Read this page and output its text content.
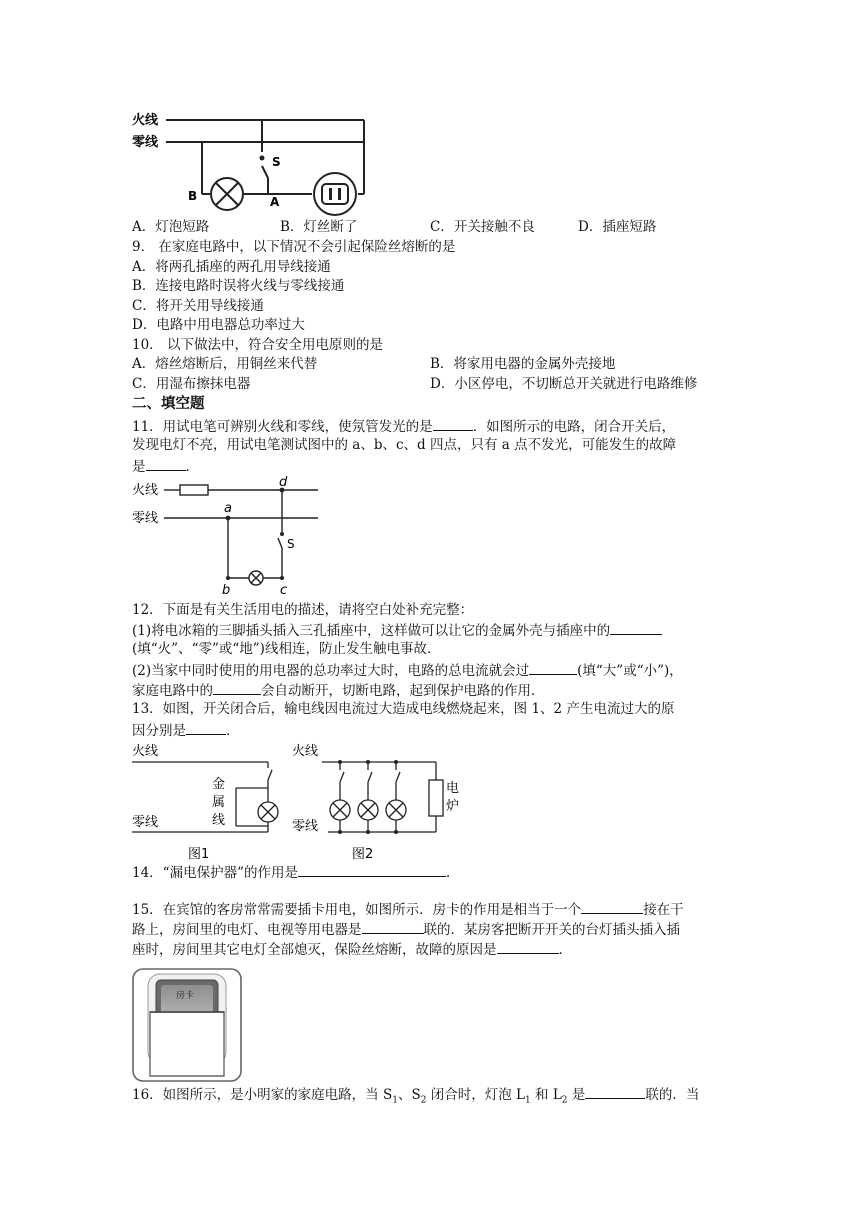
火线
零线
B	A
S
A．灯泡短路	B．灯丝断了	C．开关接触不良	D．插座短路
9． 在家庭电路中，以下情况不会引起保险丝熔断的是
A．将两孔插座的两孔用导线接通
B．连接电路时误将火线与零线接通
C．将开关用导线接通
D．电路中用电器总功率过大
10． 以下做法中，符合安全用电原则的是
A．熔丝熔断后，用铜丝来代替	B．将家用电器的金属外壳接地
C．用湿布擦抹电器	D．小区停电，不切断总开关就进行电路维修
二、填空题
11．用试电笔可辨别火线和零线，使氖管发光的是	．如图所示的电路，闭合开关后，
发现电灯不亮，用试电笔测试图中的 a、b、c、d 四点，只有 a 点不发光，可能发生的故障
是	．
火线
零线
a
b	c
d
S
12．下面是有关生活用电的描述，请将空白处补充完整：
(1)将电冰箱的三脚插头插入三孔插座中，这样做可以让它的金属外壳与插座中的
(填“火”、“零”或“地”)线相连，防止发生触电事故．
(2)当家中同时使用的用电器的总功率过大时，电路的总电流就会过	(填“大”或“小”)，
家庭电路中的	会自动断开，切断电路，起到保护电路的作用．
13．如图，开关闭合后，输电线因电流过大造成电线燃烧起来，图 1、2 产生电流过大的原
因分别是	．
火线
零线
金
属
线
图1
火线
零线
电
炉
图2
14．“漏电保护器”的作用是	．
15．在宾馆的客房常常需要插卡用电，如图所示．房卡的作用是相当于一个	接在干
路上，房间里的电灯、电视等用电器是	联的．某房客把断开开关的台灯插头插入插
座时，房间里其它电灯全部熄灭，保险丝熔断，故障的原因是	．
房卡
16．如图所示，是小明家的家庭电路，当 $S_1$、$S_2$ 闭合时，灯泡 $L_1$ 和 $L_2$ 是	联的．当
